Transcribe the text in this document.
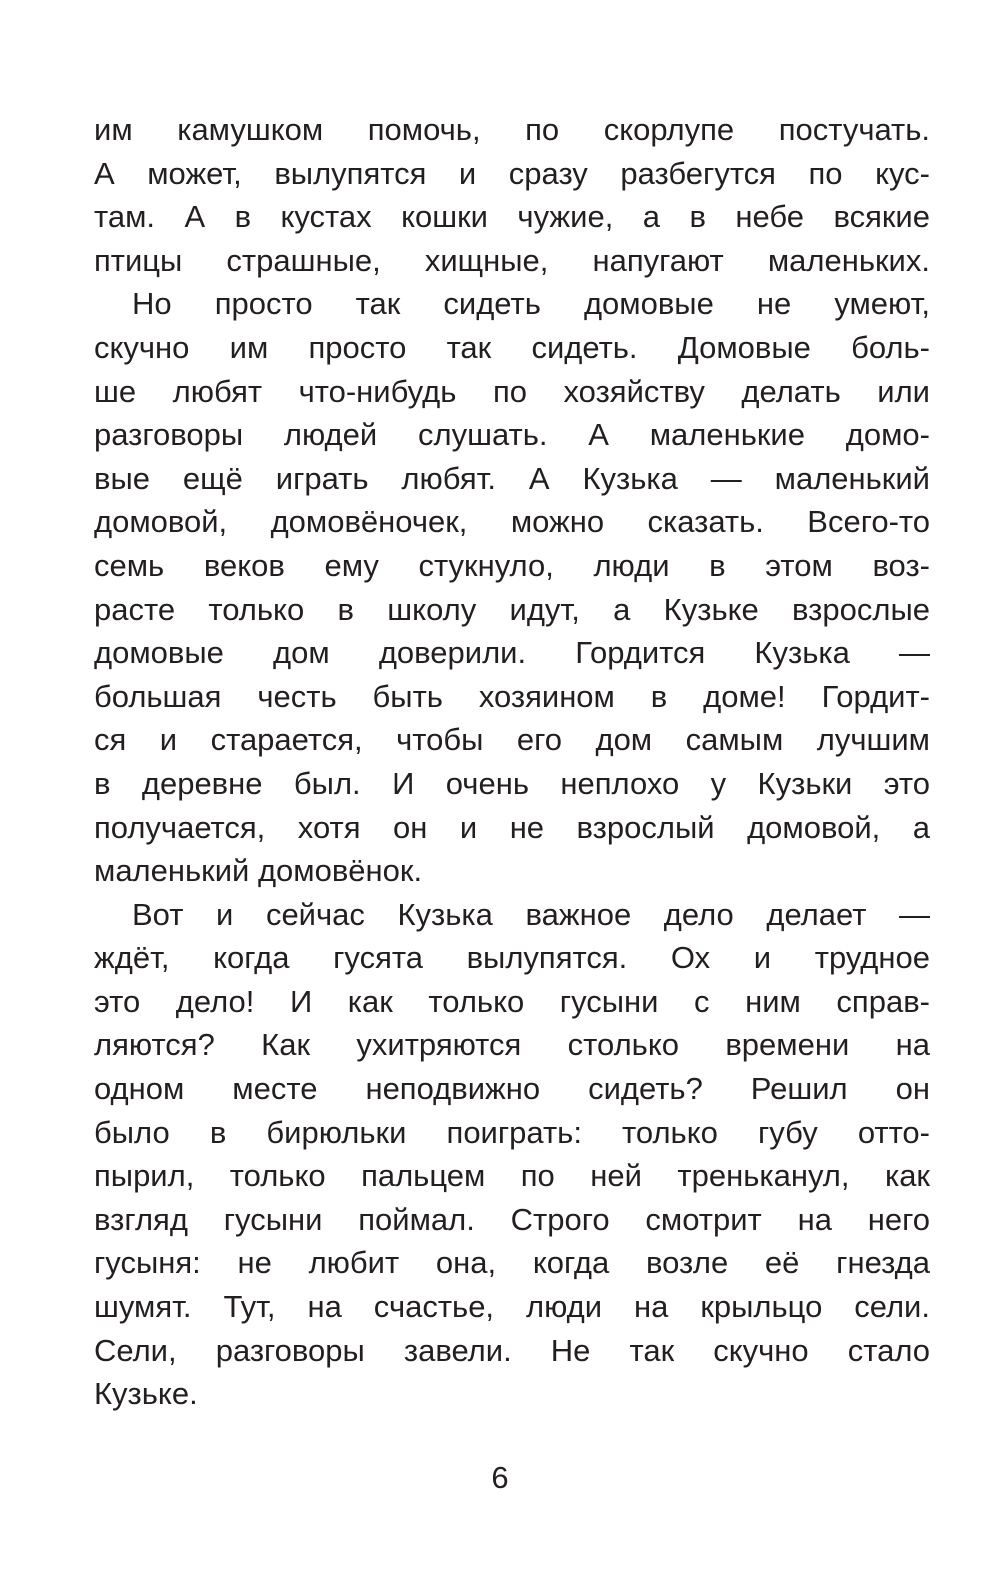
им камушком помочь, по скорлупе постучать.
А может, вылупятся и сразу разбегутся по кус-
там. А в кустах кошки чужие, а в небе всякие
птицы страшные, хищные, напугают маленьких.
Но просто так сидеть домовые не умеют,
скучно им просто так сидеть. Домовые боль-
ше любят что-нибудь по хозяйству делать или
разговоры людей слушать. А маленькие домо-
вые ещё играть любят. А Кузька — маленький
домовой, домовёночек, можно сказать. Всего-то
семь веков ему стукнуло, люди в этом воз-
расте только в школу идут, а Кузьке взрослые
домовые дом доверили. Гордится Кузька —
большая честь быть хозяином в доме! Гордит-
ся и старается, чтобы его дом самым лучшим
в деревне был. И очень неплохо у Кузьки это
получается, хотя он и не взрослый домовой, а
маленький домовёнок.
Вот и сейчас Кузька важное дело делает —
ждёт, когда гусята вылупятся. Ох и трудное
это дело! И как только гусыни с ним справ-
ляются? Как ухитряются столько времени на
одном месте неподвижно сидеть? Решил он
было в бирюльки поиграть: только губу отто-
пырил, только пальцем по ней треньканул, как
взгляд гусыни поймал. Строго смотрит на него
гусыня: не любит она, когда возле её гнезда
шумят. Тут, на счастье, люди на крыльцо сели.
Сели, разговоры завели. Не так скучно стало
Кузьке.
6
